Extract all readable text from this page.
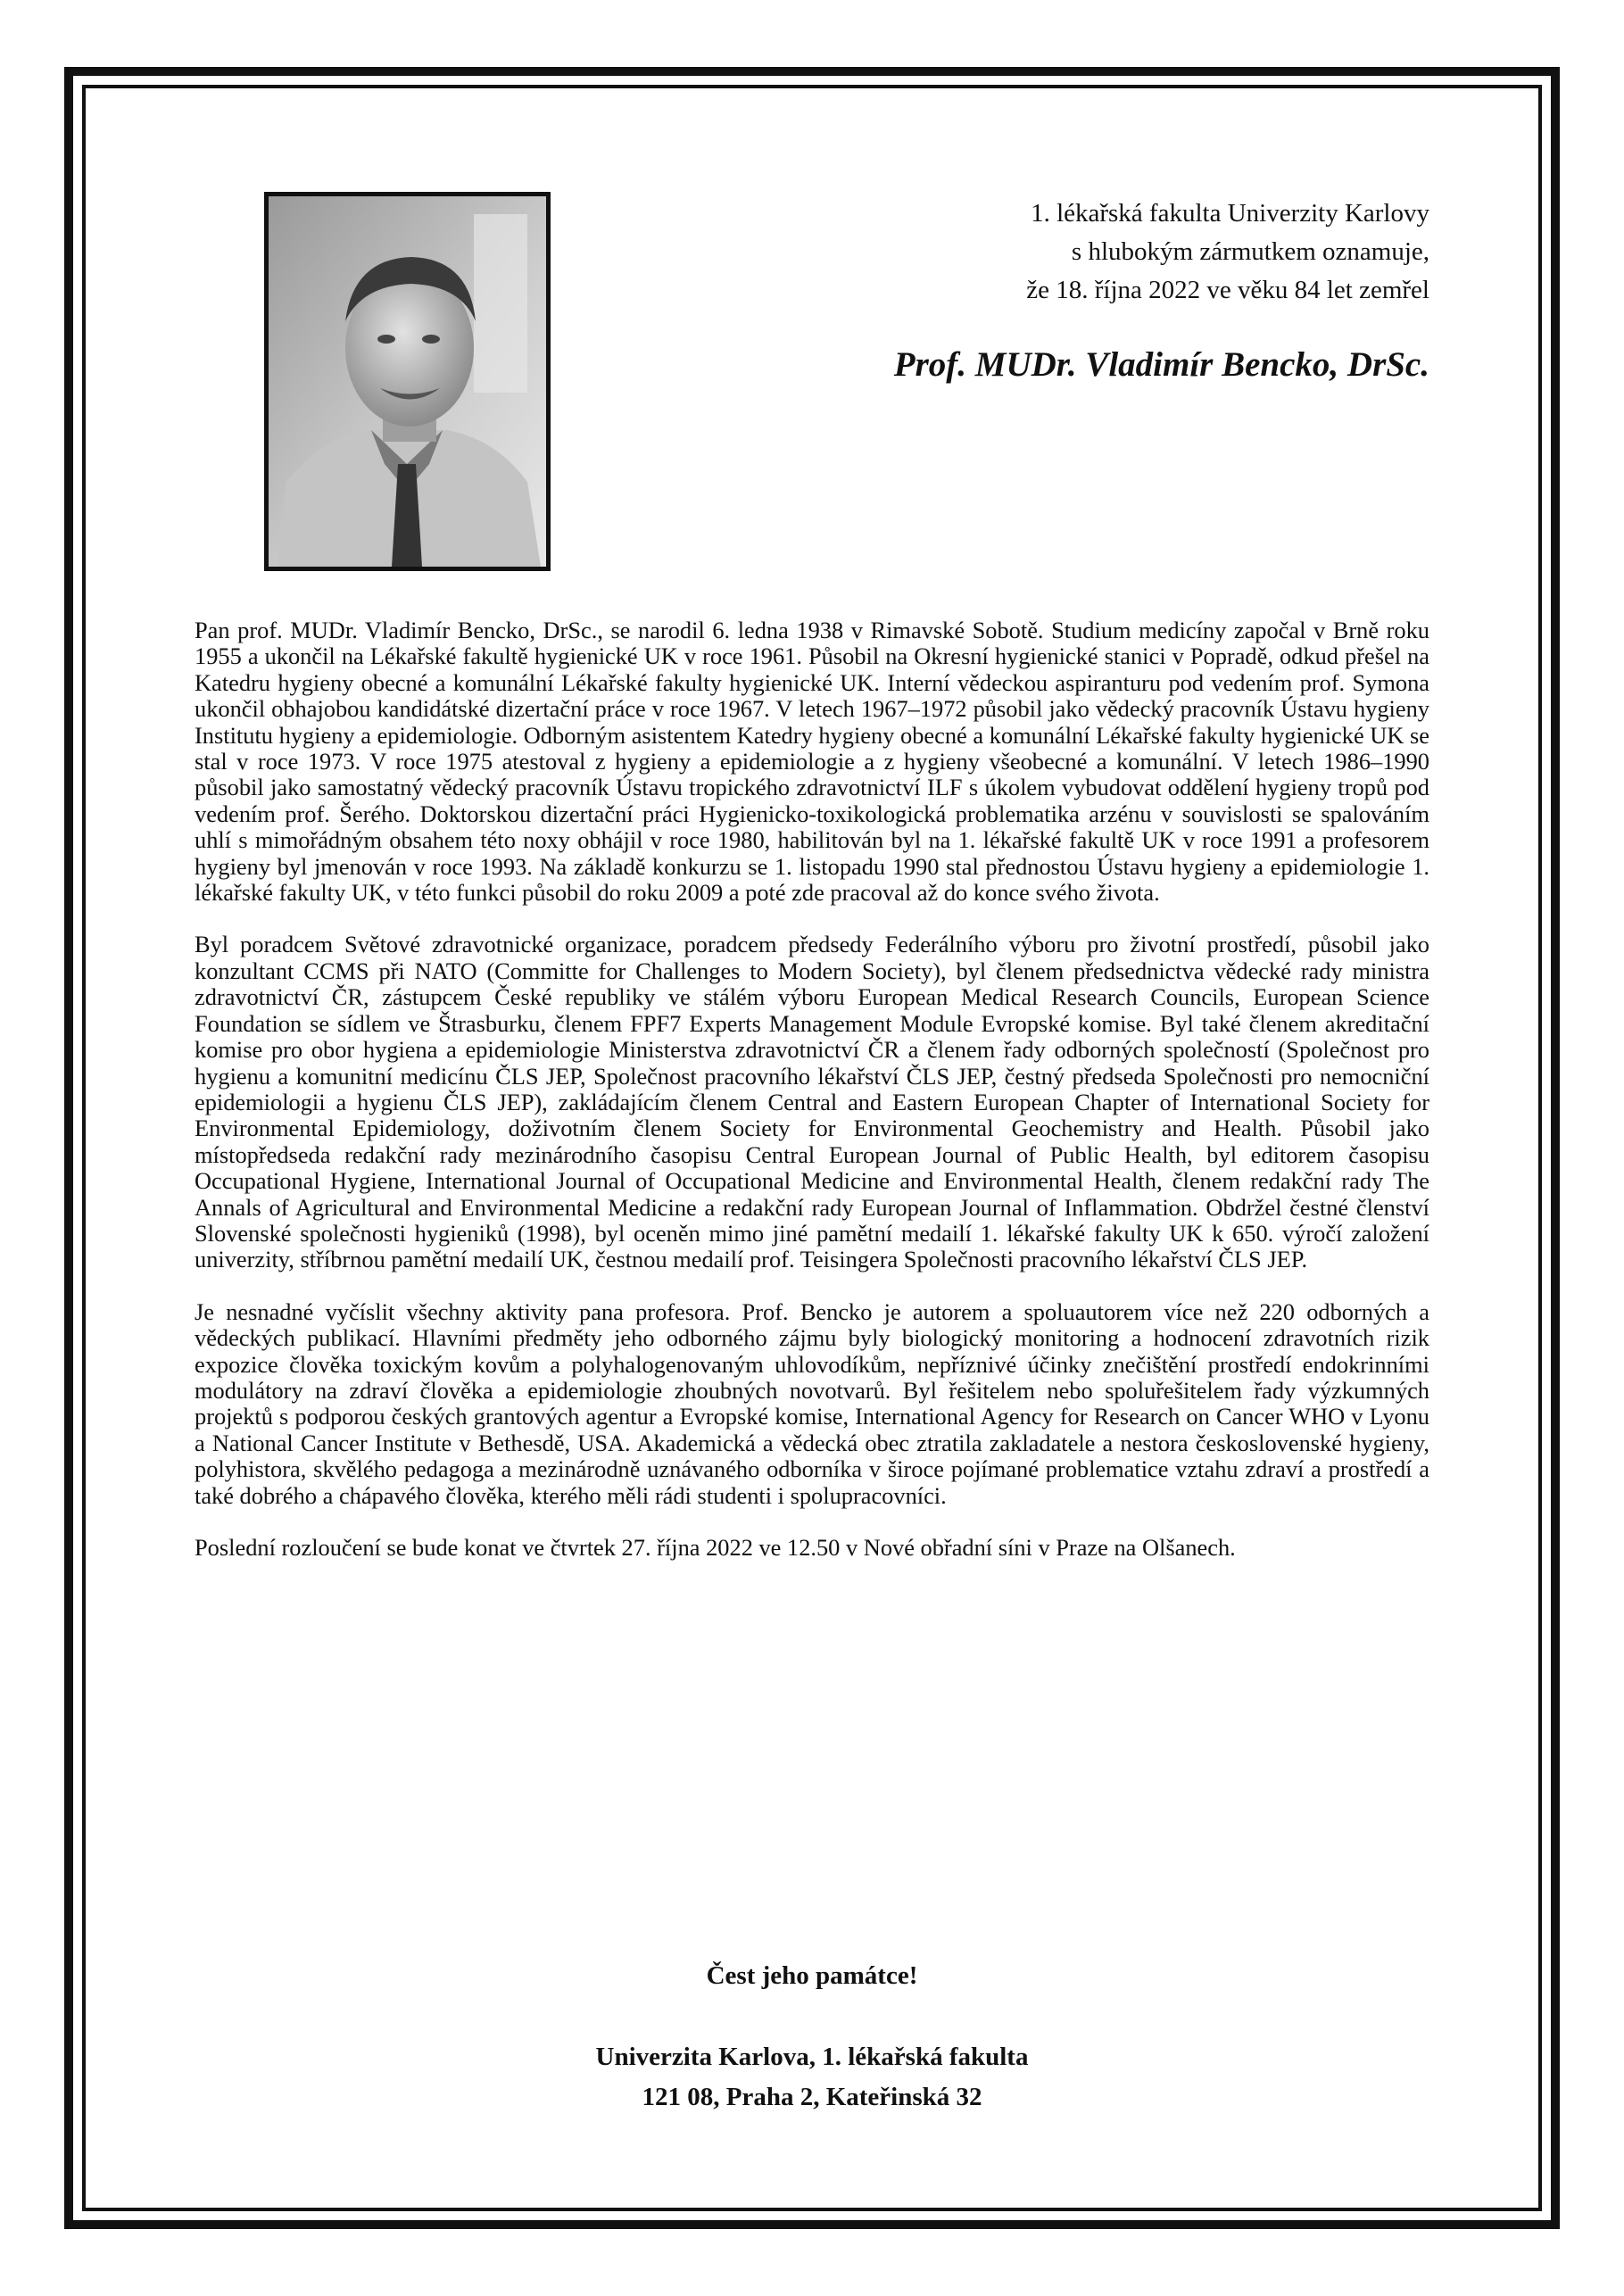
1. lékařská fakulta Univerzity Karlovy
s hlubokým zármutkem oznamuje,
že 18. října 2022 ve věku 84 let zemřel
Prof. MUDr. Vladimír Bencko, DrSc.

Pan prof. MUDr. Vladimír Bencko, DrSc., se narodil 6. ledna 1938 v Rimavské Sobotě. Studium medicíny započal v Brně roku 1955 a ukončil na Lékařské fakultě hygienické UK v roce 1961. Působil na Okresní hygienické stanici v Popradě, odkud přešel na Katedru hygieny obecné a komunální Lékařské fakulty hygienické UK. Interní vědeckou aspiranturu pod vedením prof. Symona ukončil obhajobou kandidátské dizertační práce v roce 1967. V letech 1967–1972 působil jako vědecký pracovník Ústavu hygieny Institutu hygieny a epidemiologie. Odborným asistentem Katedry hygieny obecné a komunální Lékařské fakulty hygienické UK se stal v roce 1973. V roce 1975 atestoval z hygieny a epidemiologie a z hygieny všeobecné a komunální. V letech 1986–1990 působil jako samostatný vědecký pracovník Ústavu tropického zdravotnictví ILF s úkolem vybudovat oddělení hygieny tropů pod vedením prof. Šerého. Doktorskou dizertační práci Hygienicko-toxikologická problematika arzénu v souvislosti se spalováním uhlí s mimořádným obsahem této noxy obhájil v roce 1980, habilitován byl na 1. lékařské fakultě UK v roce 1991 a profesorem hygieny byl jmenován v roce 1993. Na základě konkurzu se 1. listopadu 1990 stal přednostou Ústavu hygieny a epidemiologie 1. lékařské fakulty UK, v této funkci působil do roku 2009 a poté zde pracoval až do konce svého života.

Byl poradcem Světové zdravotnické organizace, poradcem předsedy Federálního výboru pro životní prostředí, působil jako konzultant CCMS při NATO (Committe for Challenges to Modern Society), byl členem předsednictva vědecké rady ministra zdravotnictví ČR, zástupcem České republiky ve stálém výboru European Medical Research Councils, European Science Foundation se sídlem ve Štrasburku, členem FPF7 Experts Management Module Evropské komise. Byl také členem akreditační komise pro obor hygiena a epidemiologie Ministerstva zdravotnictví ČR a členem řady odborných společností (Společnost pro hygienu a komunitní medicínu ČLS JEP, Společnost pracovního lékařství ČLS JEP, čestný předseda Společnosti pro nemocniční epidemiologii a hygienu ČLS JEP), zakládajícím členem Central and Eastern European Chapter of International Society for Environmental Epidemiology, doživotním členem Society for Environmental Geochemistry and Health. Působil jako místopředseda redakční rady mezinárodního časopisu Central European Journal of Public Health, byl editorem časopisu Occupational Hygiene, International Journal of Occupational Medicine and Environmental Health, členem redakční rady The Annals of Agricultural and Environmental Medicine a redakční rady European Journal of Inflammation. Obdržel čestné členství Slovenské společnosti hygieniků (1998), byl oceněn mimo jiné pamětní medailí 1. lékařské fakulty UK k 650. výročí založení univerzity, stříbrnou pamětní medailí UK, čestnou medailí prof. Teisingera Společnosti pracovního lékařství ČLS JEP.

Je nesnadné vyčíslit všechny aktivity pana profesora. Prof. Bencko je autorem a spoluautorem více než 220 odborných a vědeckých publikací. Hlavními předměty jeho odborného zájmu byly biologický monitoring a hodnocení zdravotních rizik expozice člověka toxickým kovům a polyhalogenovaným uhlovodíkům, nepříznivé účinky znečištění prostředí endokrinními modulátory na zdraví člověka a epidemiologie zhoubných novotvarů. Byl řešitelem nebo spoluřešitelem řady výzkumných projektů s podporou českých grantových agentur a Evropské komise, International Agency for Research on Cancer WHO v Lyonu a National Cancer Institute v Bethesdě, USA. Akademická a vědecká obec ztratila zakladatele a nestora československé hygieny, polyhistora, skvělého pedagoga a mezinárodně uznávaného odborníka v široce pojímané problematice vztahu zdraví a prostředí a také dobrého a chápavého člověka, kterého měli rádi studenti i spolupracovníci.

Poslední rozloučení se bude konat ve čtvrtek 27. října 2022 ve 12.50 v Nové obřadní síni v Praze na Olšanech.

Čest jeho památce!
Univerzita Karlova, 1. lékařská fakulta
121 08, Praha 2, Kateřinská 32
